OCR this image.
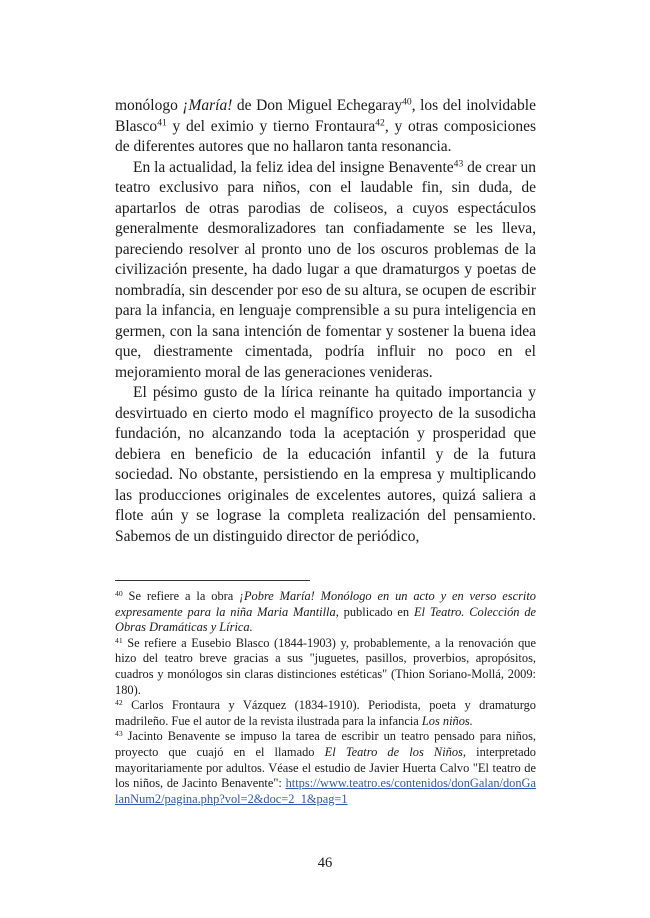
monólogo ¡María! de Don Miguel Echegaray$^{40}$, los del inolvidable Blasco$^{41}$ y del eximio y tierno Frontaura$^{42}$, y otras composiciones de diferentes autores que no hallaron tanta resonancia.

En la actualidad, la feliz idea del insigne Benavente$^{43}$ de crear un teatro exclusivo para niños, con el laudable fin, sin duda, de apartarlos de otras parodias de coliseos, a cuyos espectáculos generalmente desmoralizadores tan confiadamente se les lleva, pareciendo resolver al pronto uno de los oscuros problemas de la civilización presente, ha dado lugar a que dramaturgos y poetas de nombradía, sin descender por eso de su altura, se ocupen de escribir para la infancia, en lenguaje comprensible a su pura inteligencia en germen, con la sana intención de fomentar y sostener la buena idea que, diestramente cimentada, podría influir no poco en el mejoramiento moral de las generaciones venideras.

El pésimo gusto de la lírica reinante ha quitado importancia y desvirtuado en cierto modo el magnífico proyecto de la susodicha fundación, no alcanzando toda la aceptación y prosperidad que debiera en beneficio de la educación infantil y de la futura sociedad. No obstante, persistiendo en la empresa y multiplicando las producciones originales de excelentes autores, quizá saliera a flote aún y se lograse la completa realización del pensamiento. Sabemos de un distinguido director de periódico,

$^{40}$ Se refiere a la obra ¡Pobre María! Monólogo en un acto y en verso escrito expresamente para la niña Maria Mantilla, publicado en El Teatro. Colección de Obras Dramáticas y Lírica.

$^{41}$ Se refiere a Eusebio Blasco (1844-1903) y, probablemente, a la renovación que hizo del teatro breve gracias a sus "juguetes, pasillos, proverbios, apropósitos, cuadros y monólogos sin claras distinciones estéticas" (Thion Soriano-Mollá, 2009: 180).

$^{42}$ Carlos Frontaura y Vázquez (1834-1910). Periodista, poeta y dramaturgo madrileño. Fue el autor de la revista ilustrada para la infancia Los niños.

$^{43}$ Jacinto Benavente se impuso la tarea de escribir un teatro pensado para niños, proyecto que cuajó en el llamado El Teatro de los Niños, interpretado mayoritariamente por adultos. Véase el estudio de Javier Huerta Calvo "El teatro de los niños, de Jacinto Benavente": https://www.teatro.es/contenidos/donGalan/donGalanNum2/pagina.php?vol=2&doc=2_1&pag=1

46
